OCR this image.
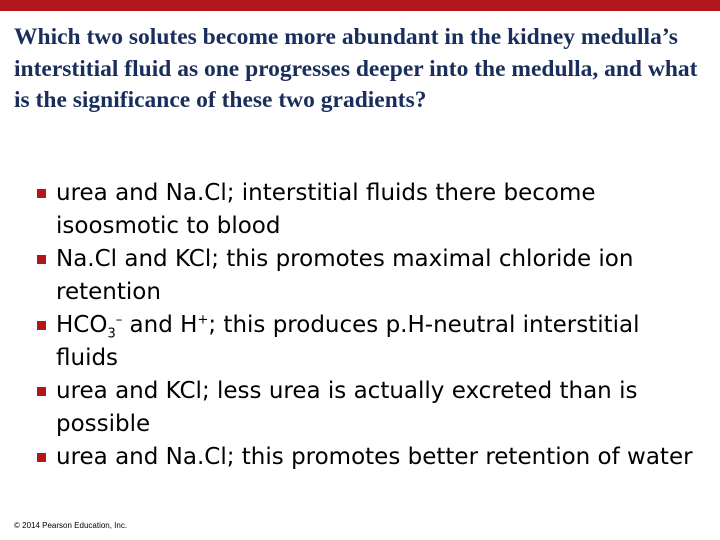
Which two solutes become more abundant in the kidney medulla’s interstitial fluid as one progresses deeper into the medulla, and what is the significance of these two gradients?

urea and Na.Cl; interstitial fluids there become isoosmotic to blood
Na.Cl and KCl; this promotes maximal chloride ion retention
$HCO_3^-$ and H+; this produces p.H-neutral interstitial fluids
urea and KCl; less urea is actually excreted than is possible
urea and Na.Cl; this promotes better retention of water
© 2014 Pearson Education, Inc.
